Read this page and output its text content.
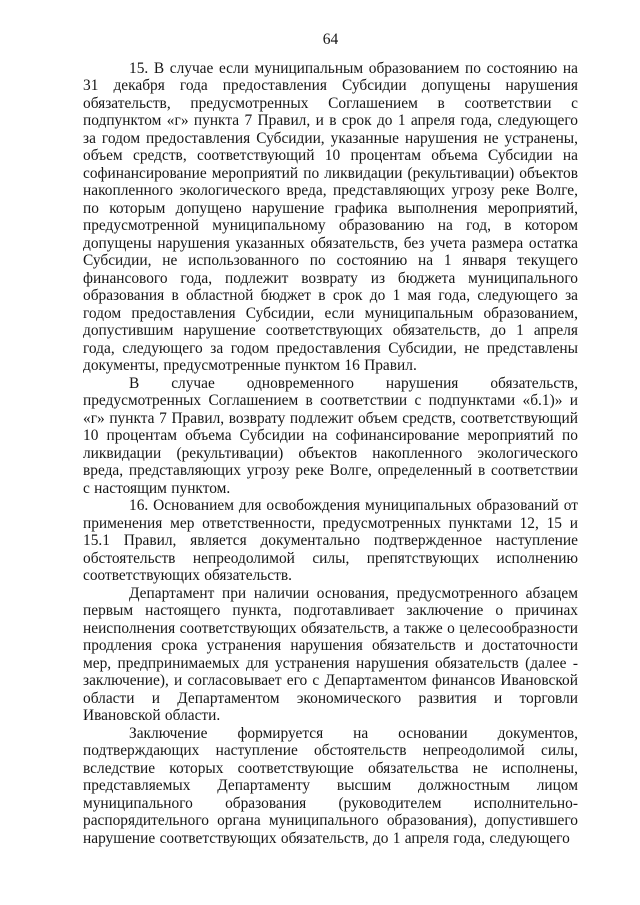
64

15. В случае если муниципальным образованием по состоянию на 31 декабря года предоставления Субсидии допущены нарушения обязательств, предусмотренных Соглашением в соответствии с подпунктом «г» пункта 7 Правил, и в срок до 1 апреля года, следующего за годом предоставления Субсидии, указанные нарушения не устранены, объем средств, соответствующий 10 процентам объема Субсидии на софинансирование мероприятий по ликвидации (рекультивации) объектов накопленного экологического вреда, представляющих угрозу реке Волге, по которым допущено нарушение графика выполнения мероприятий, предусмотренной муниципальному образованию на год, в котором допущены нарушения указанных обязательств, без учета размера остатка Субсидии, не использованного по состоянию на 1 января текущего финансового года, подлежит возврату из бюджета муниципального образования в областной бюджет в срок до 1 мая года, следующего за годом предоставления Субсидии, если муниципальным образованием, допустившим нарушение соответствующих обязательств, до 1 апреля года, следующего за годом предоставления Субсидии, не представлены документы, предусмотренные пунктом 16 Правил.

В случае одновременного нарушения обязательств, предусмотренных Соглашением в соответствии с подпунктами «б.1)» и «г» пункта 7 Правил, возврату подлежит объем средств, соответствующий 10 процентам объема Субсидии на софинансирование мероприятий по ликвидации (рекультивации) объектов накопленного экологического вреда, представляющих угрозу реке Волге, определенный в соответствии с настоящим пунктом.

16. Основанием для освобождения муниципальных образований от применения мер ответственности, предусмотренных пунктами 12, 15 и 15.1 Правил, является документально подтвержденное наступление обстоятельств непреодолимой силы, препятствующих исполнению соответствующих обязательств.

Департамент при наличии основания, предусмотренного абзацем первым настоящего пункта, подготавливает заключение о причинах неисполнения соответствующих обязательств, а также о целесообразности продления срока устранения нарушения обязательств и достаточности мер, предпринимаемых для устранения нарушения обязательств (далее - заключение), и согласовывает его с Департаментом финансов Ивановской области и Департаментом экономического развития и торговли Ивановской области.

Заключение формируется на основании документов, подтверждающих наступление обстоятельств непреодолимой силы, вследствие которых соответствующие обязательства не исполнены, представляемых Департаменту высшим должностным лицом муниципального образования (руководителем исполнительно-распорядительного органа муниципального образования), допустившего нарушение соответствующих обязательств, до 1 апреля года, следующего
